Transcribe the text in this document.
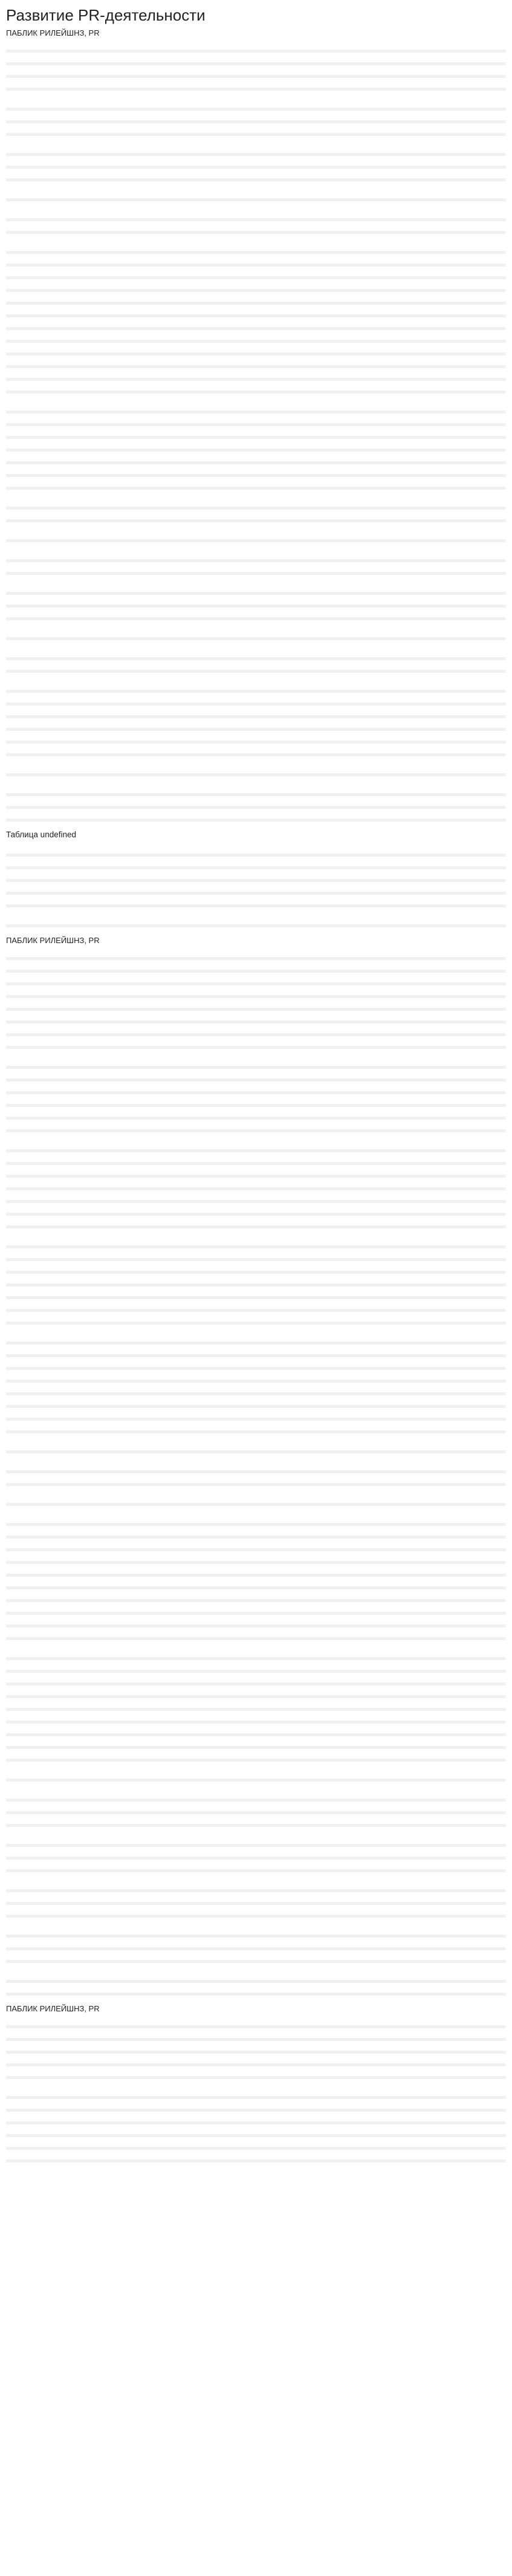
Развитие PR-деятельности
ПАБЛИК РИЛЕЙШНЗ, PR

Таблица undefined

ПАБЛИК РИЛЕЙШНЗ, PR

ПАБЛИК РИЛЕЙШНЗ, PR
